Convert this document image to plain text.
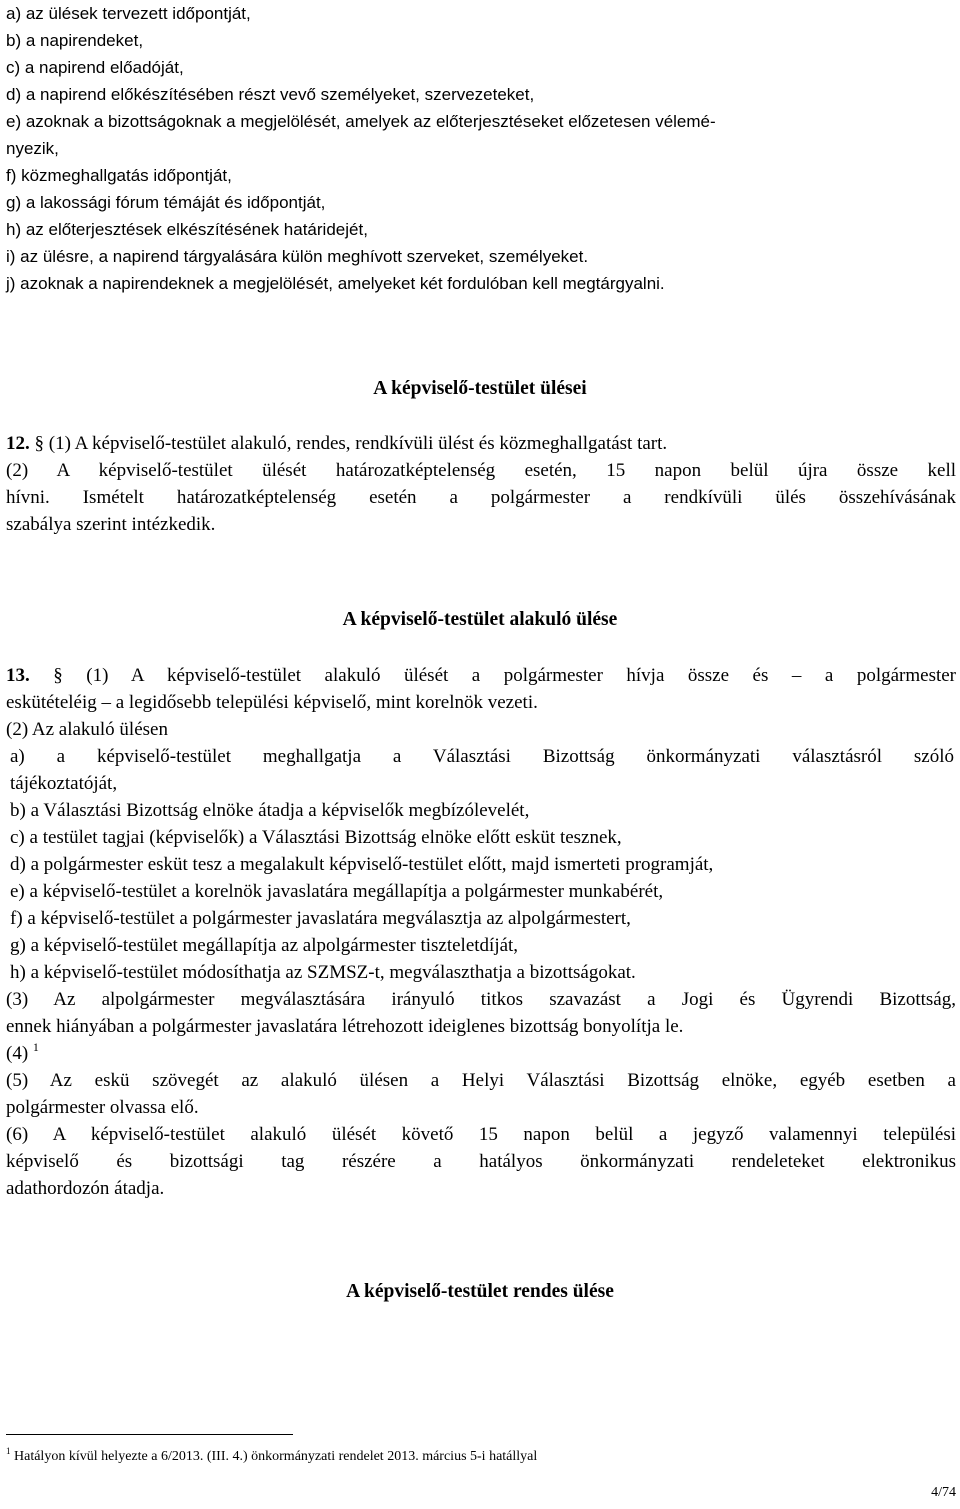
a) az ülések tervezett időpontját,
b) a napirendeket,
c) a napirend előadóját,
d) a napirend előkészítésében részt vevő személyeket, szervezeteket,
e) azoknak a bizottságoknak a megjelölését, amelyek az előterjesztéseket előzetesen vélemé-
nyezik,
f) közmeghallgatás időpontját,
g) a lakossági fórum témáját és időpontját,
h) az előterjesztések elkészítésének határidejét,
i) az ülésre, a napirend tárgyalására külön meghívott szerveket, személyeket.
j) azoknak a napirendeknek a megjelölését, amelyeket két fordulóban kell megtárgyalni.
A képviselő-testület ülései
12. § (1) A képviselő-testület alakuló, rendes, rendkívüli ülést és közmeghallgatást tart.
(2) A képviselő-testület ülését határozatképtelenség esetén, 15 napon belül újra össze kell
hívni. Ismételt határozatképtelenség esetén a polgármester a rendkívüli ülés összehívásának
szabálya szerint intézkedik.
A képviselő-testület alakuló ülése
13. § (1) A képviselő-testület alakuló ülését a polgármester hívja össze és – a polgármester
eskütételéig – a legidősebb települési képviselő, mint korelnök vezeti.
(2) Az alakuló ülésen
a) a képviselő-testület meghallgatja a Választási Bizottság önkormányzati választásról szóló
tájékoztatóját,
b) a Választási Bizottság elnöke átadja a képviselők megbízólevelét,
c) a testület tagjai (képviselők) a Választási Bizottság elnöke előtt esküt tesznek,
d) a polgármester esküt tesz a megalakult képviselő-testület előtt, majd ismerteti programját,
e) a képviselő-testület a korelnök javaslatára megállapítja a polgármester munkabérét,
f) a képviselő-testület a polgármester javaslatára megválasztja az alpolgármestert,
g) a képviselő-testület megállapítja az alpolgármester tiszteletdíját,
h) a képviselő-testület módosíthatja az SZMSZ-t, megválaszthatja a bizottságokat.
(3) Az alpolgármester megválasztására irányuló titkos szavazást a Jogi és Ügyrendi Bizottság,
ennek hiányában a polgármester javaslatára létrehozott ideiglenes bizottság bonyolítja le.
(4) $^1$
(5) Az eskü szövegét az alakuló ülésen a Helyi Választási Bizottság elnöke, egyéb esetben a
polgármester olvassa elő.
(6) A képviselő-testület alakuló ülését követő 15 napon belül a jegyző valamennyi települési
képviselő és bizottsági tag részére a hatályos önkormányzati rendeleteket elektronikus
adathordozón átadja.
A képviselő-testület rendes ülése
$^1$ Hatályon kívül helyezte a 6/2013. (III. 4.) önkormányzati rendelet 2013. március 5-i hatállyal
4/74
